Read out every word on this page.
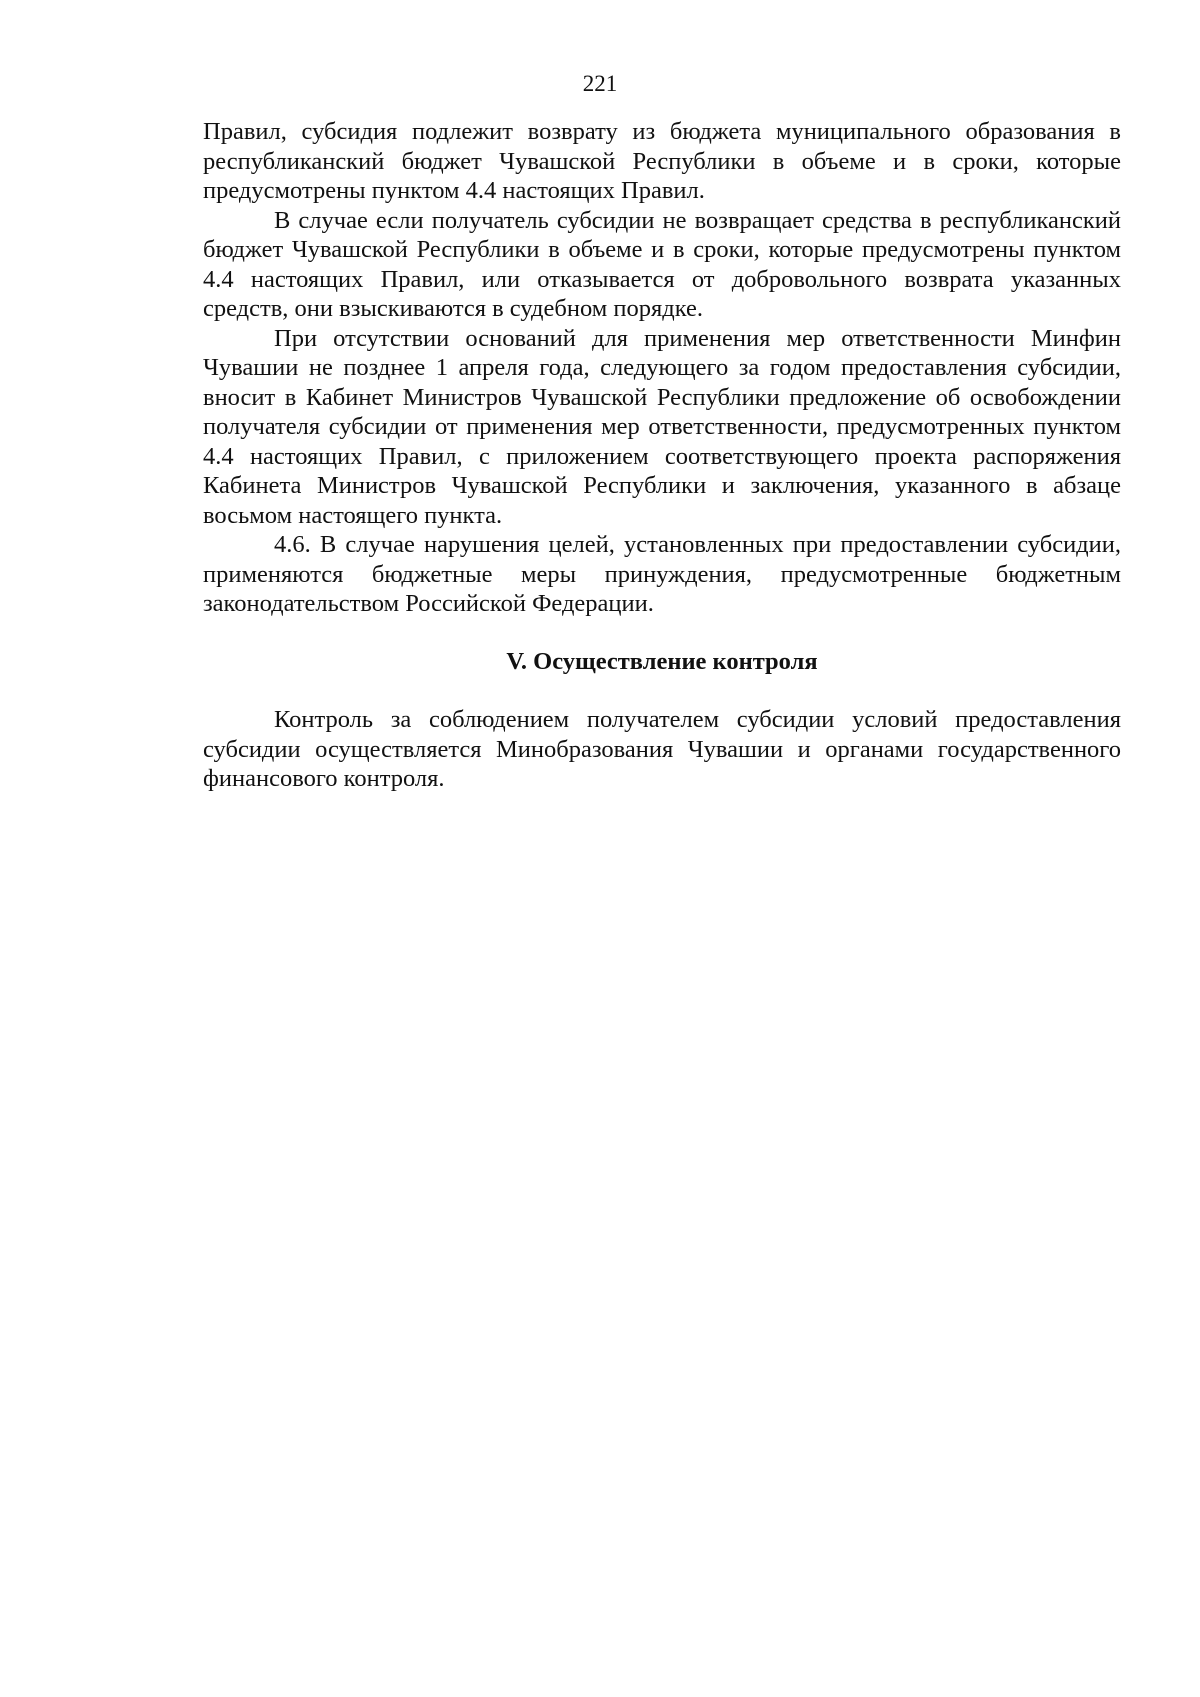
221

Правил, субсидия подлежит возврату из бюджета муниципального образования в республиканский бюджет Чувашской Республики в объеме и в сроки, которые предусмотрены пунктом 4.4 настоящих Правил.

В случае если получатель субсидии не возвращает средства в республиканский бюджет Чувашской Республики в объеме и в сроки, которые предусмотрены пунктом 4.4 настоящих Правил, или отказывается от добровольного возврата указанных средств, они взыскиваются в судебном порядке.

При отсутствии оснований для применения мер ответственности Минфин Чувашии не позднее 1 апреля года, следующего за годом предоставления субсидии, вносит в Кабинет Министров Чувашской Республики предложение об освобождении получателя субсидии от применения мер ответственности, предусмотренных пунктом 4.4 настоящих Правил, с приложением соответствующего проекта распоряжения Кабинета Министров Чувашской Республики и заключения, указанного в абзаце восьмом настоящего пункта.

4.6. В случае нарушения целей, установленных при предоставлении субсидии, применяются бюджетные меры принуждения, предусмотренные бюджетным законодательством Российской Федерации.

V. Осуществление контроля

Контроль за соблюдением получателем субсидии условий предоставления субсидии осуществляется Минобразования Чувашии и органами государственного финансового контроля.
